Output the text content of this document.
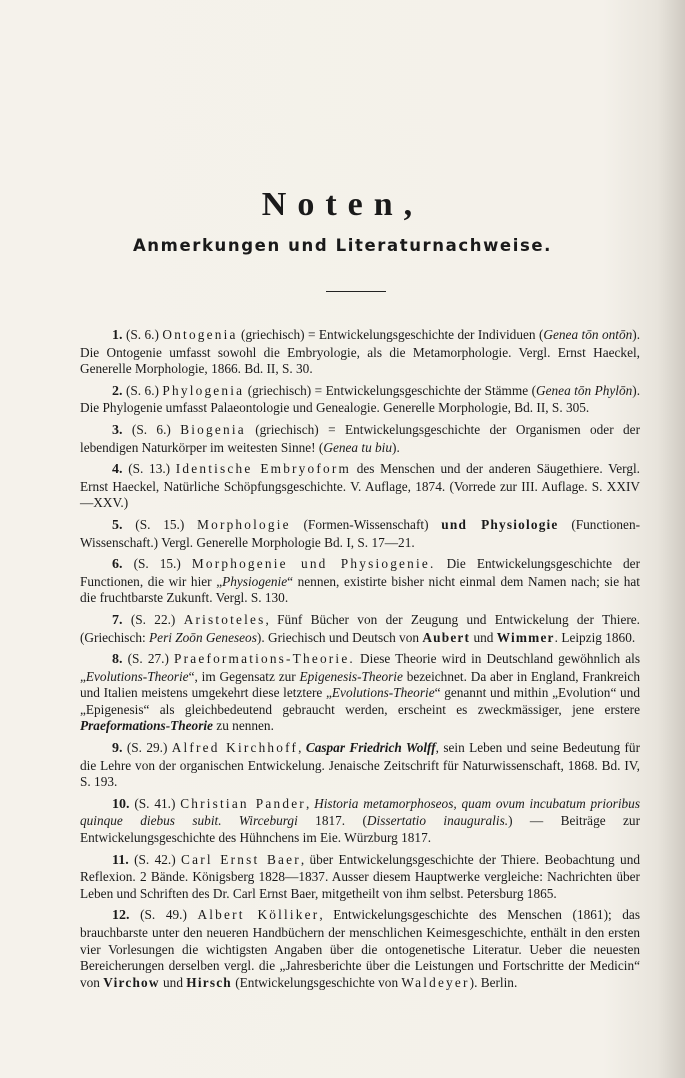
Noten,
Anmerkungen und Literaturnachweise.

1. (S. 6.) Ontogenia (griechisch) = Entwickelungsgeschichte der Individuen (Genea tōn ontōn). Die Ontogenie umfasst sowohl die Embryologie, als die Metamorphologie. Vergl. Ernst Haeckel, Generelle Morphologie, 1866. Bd. II, S. 30.

2. (S. 6.) Phylogenia (griechisch) = Entwickelungsgeschichte der Stämme (Genea tōn Phylōn). Die Phylogenie umfasst Palaeontologie und Genealogie. Generelle Morphologie, Bd. II, S. 305.

3. (S. 6.) Biogenia (griechisch) = Entwickelungsgeschichte der Organismen oder der lebendigen Naturkörper im weitesten Sinne! (Genea tu biu).

4. (S. 13.) Identische Embryoform des Menschen und der anderen Säugethiere. Vergl. Ernst Haeckel, Natürliche Schöpfungsgeschichte. V. Auflage, 1874. (Vorrede zur III. Auflage. S. XXIV—XXV.)

5. (S. 15.) Morphologie (Formen-Wissenschaft) und Physiologie (Functionen-Wissenschaft.) Vergl. Generelle Morphologie Bd. I, S. 17—21.

6. (S. 15.) Morphogenie und Physiogenie. Die Entwickelungsgeschichte der Functionen, die wir hier „Physiogenie“ nennen, existirte bisher nicht einmal dem Namen nach; sie hat die fruchtbarste Zukunft. Vergl. S. 130.

7. (S. 22.) Aristoteles, Fünf Bücher von der Zeugung und Entwickelung der Thiere. (Griechisch: Peri Zoōn Geneseos). Griechisch und Deutsch von Aubert und Wimmer. Leipzig 1860.

8. (S. 27.) Praeformations-Theorie. Diese Theorie wird in Deutschland gewöhnlich als „Evolutions-Theorie“, im Gegensatz zur Epigenesis-Theorie bezeichnet. Da aber in England, Frankreich und Italien meistens umgekehrt diese letztere „Evolutions-Theorie“ genannt und mithin „Evolution“ und „Epigenesis“ als gleichbedeutend gebraucht werden, erscheint es zweckmässiger, jene erstere Praeformations-Theorie zu nennen.

9. (S. 29.) Alfred Kirchhoff, Caspar Friedrich Wolff, sein Leben und seine Bedeutung für die Lehre von der organischen Entwickelung. Jenaische Zeitschrift für Naturwissenschaft, 1868. Bd. IV, S. 193.

10. (S. 41.) Christian Pander, Historia metamorphoseos, quam ovum incubatum prioribus quinque diebus subit. Wirceburgi 1817. (Dissertatio inauguralis.) — Beiträge zur Entwickelungsgeschichte des Hühnchens im Eie. Würzburg 1817.

11. (S. 42.) Carl Ernst Baer, über Entwickelungsgeschichte der Thiere. Beobachtung und Reflexion. 2 Bände. Königsberg 1828—1837. Ausser diesem Hauptwerke vergleiche: Nachrichten über Leben und Schriften des Dr. Carl Ernst Baer, mitgetheilt von ihm selbst. Petersburg 1865.

12. (S. 49.) Albert Kölliker, Entwickelungsgeschichte des Menschen (1861); das brauchbarste unter den neueren Handbüchern der menschlichen Keimesgeschichte, enthält in den ersten vier Vorlesungen die wichtigsten Angaben über die ontogenetische Literatur. Ueber die neuesten Bereicherungen derselben vergl. die „Jahresberichte über die Leistungen und Fortschritte der Medicin“ von Virchow und Hirsch (Entwickelungsgeschichte von Waldeyer). Berlin.
